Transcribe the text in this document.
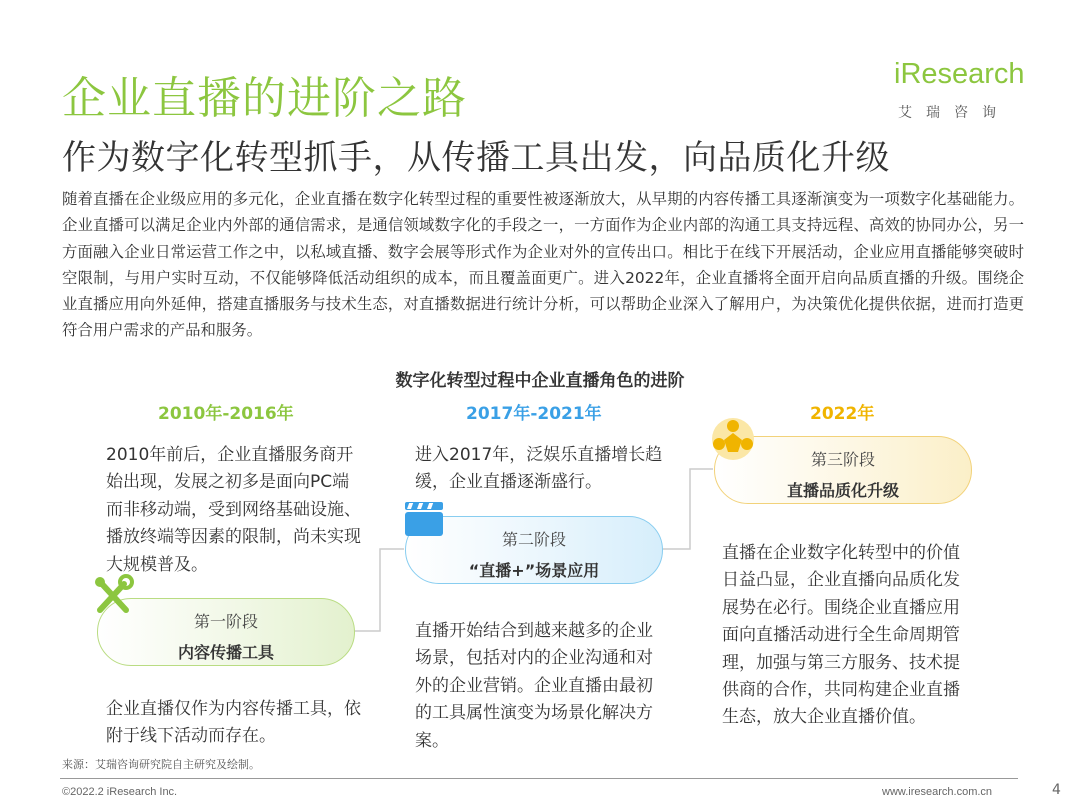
企业直播的进阶之路
作为数字化转型抓手，从传播工具出发，向品质化升级
iResearch
艾瑞咨询
随着直播在企业级应用的多元化，企业直播在数字化转型过程的重要性被逐渐放大，从早期的内容传播工具逐渐演变为一项数字化基础能力。企业直播可以满足企业内外部的通信需求，是通信领域数字化的手段之一，一方面作为企业内部的沟通工具支持远程、高效的协同办公，另一方面融入企业日常运营工作之中，以私域直播、数字会展等形式作为企业对外的宣传出口。相比于在线下开展活动，企业应用直播能够突破时空限制，与用户实时互动，不仅能够降低活动组织的成本，而且覆盖面更广。进入2022年，企业直播将全面开启向品质直播的升级。围绕企业直播应用向外延伸，搭建直播服务与技术生态，对直播数据进行统计分析，可以帮助企业深入了解用户，为决策优化提供依据，进而打造更符合用户需求的产品和服务。
数字化转型过程中企业直播角色的进阶
2010年-2016年	2017年-2021年	2022年
2010年前后，企业直播服务商开始出现，发展之初多是面向PC端而非移动端，受到网络基础设施、播放终端等因素的限制，尚未实现大规模普及。
进入2017年，泛娱乐直播增长趋缓，企业直播逐渐盛行。
直播开始结合到越来越多的企业场景，包括对内的企业沟通和对外的企业营销。企业直播由最初的工具属性演变为场景化解决方案。
直播在企业数字化转型中的价值日益凸显，企业直播向品质化发展势在必行。围绕企业直播应用面向直播活动进行全生命周期管理，加强与第三方服务、技术提供商的合作，共同构建企业直播生态，放大企业直播价值。
企业直播仅作为内容传播工具，依附于线下活动而存在。
第一阶段
内容传播工具
第二阶段
“直播+”场景应用
第三阶段
直播品质化升级
来源：艾瑞咨询研究院自主研究及绘制。
©2022.2 iResearch Inc.	www.iresearch.com.cn	4
